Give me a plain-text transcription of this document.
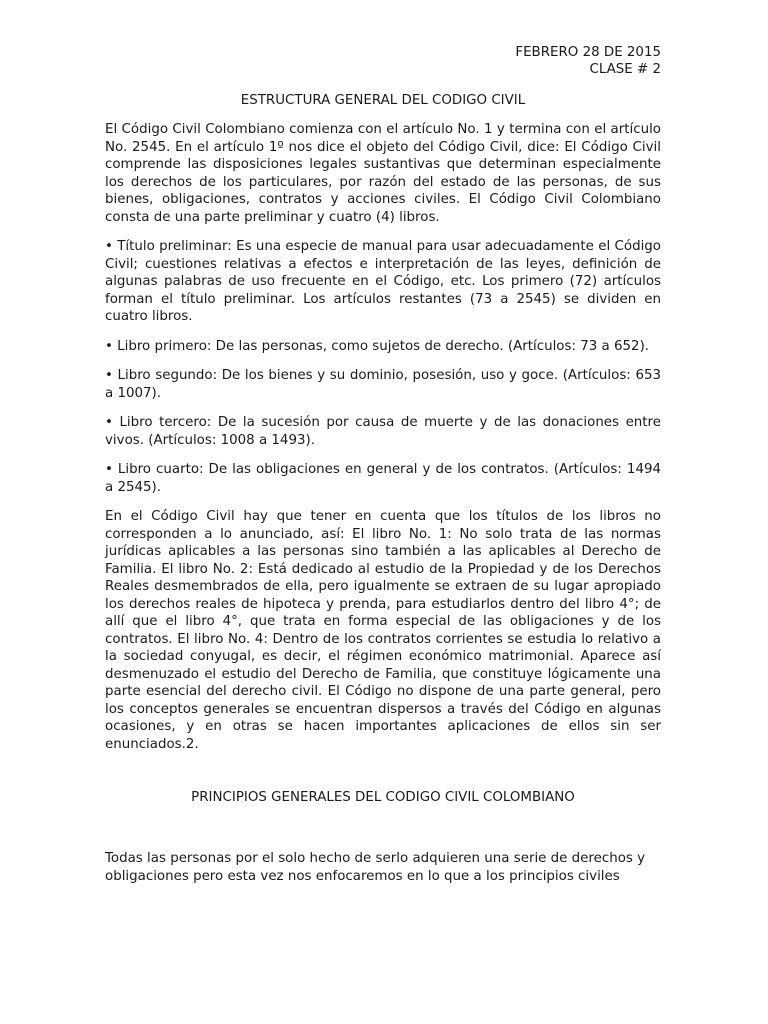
FEBRERO 28 DE 2015
CLASE # 2
ESTRUCTURA GENERAL DEL CODIGO CIVIL

El Código Civil Colombiano comienza con el artículo No. 1 y termina con el artículo No. 2545. En el artículo 1º nos dice el objeto del Código Civil, dice: El Código Civil comprende las disposiciones legales sustantivas que determinan especialmente los derechos de los particulares, por razón del estado de las personas, de sus bienes, obligaciones, contratos y acciones civiles. El Código Civil Colombiano consta de una parte preliminar y cuatro (4) libros.

• Título preliminar: Es una especie de manual para usar adecuadamente el Código Civil; cuestiones relativas a efectos e interpretación de las leyes, definición de algunas palabras de uso frecuente en el Código, etc. Los primero (72) artículos forman el título preliminar. Los artículos restantes (73 a 2545) se dividen en cuatro libros.

• Libro primero: De las personas, como sujetos de derecho. (Artículos: 73 a 652).

• Libro segundo: De los bienes y su dominio, posesión, uso y goce. (Artículos: 653 a 1007).

• Libro tercero: De la sucesión por causa de muerte y de las donaciones entre vivos. (Artículos: 1008 a 1493).

• Libro cuarto: De las obligaciones en general y de los contratos. (Artículos: 1494 a 2545).

En el Código Civil hay que tener en cuenta que los títulos de los libros no corresponden a lo anunciado, así: El libro No. 1: No solo trata de las normas jurídicas aplicables a las personas sino también a las aplicables al Derecho de Familia. El libro No. 2: Está dedicado al estudio de la Propiedad y de los Derechos Reales desmembrados de ella, pero igualmente se extraen de su lugar apropiado los derechos reales de hipoteca y prenda, para estudiarlos dentro del libro 4°; de allí que el libro 4°, que trata en forma especial de las obligaciones y de los contratos. El libro No. 4: Dentro de los contratos corrientes se estudia lo relativo a la sociedad conyugal, es decir, el régimen económico matrimonial. Aparece así desmenuzado el estudio del Derecho de Familia, que constituye lógicamente una parte esencial del derecho civil. El Código no dispone de una parte general, pero los conceptos generales se encuentran dispersos a través del Código en algunas ocasiones, y en otras se hacen importantes aplicaciones de ellos sin ser enunciados.2.

PRINCIPIOS GENERALES DEL CODIGO CIVIL COLOMBIANO

Todas las personas por el solo hecho de serlo adquieren una serie de derechos y obligaciones pero esta vez nos enfocaremos en lo que a los principios civiles
